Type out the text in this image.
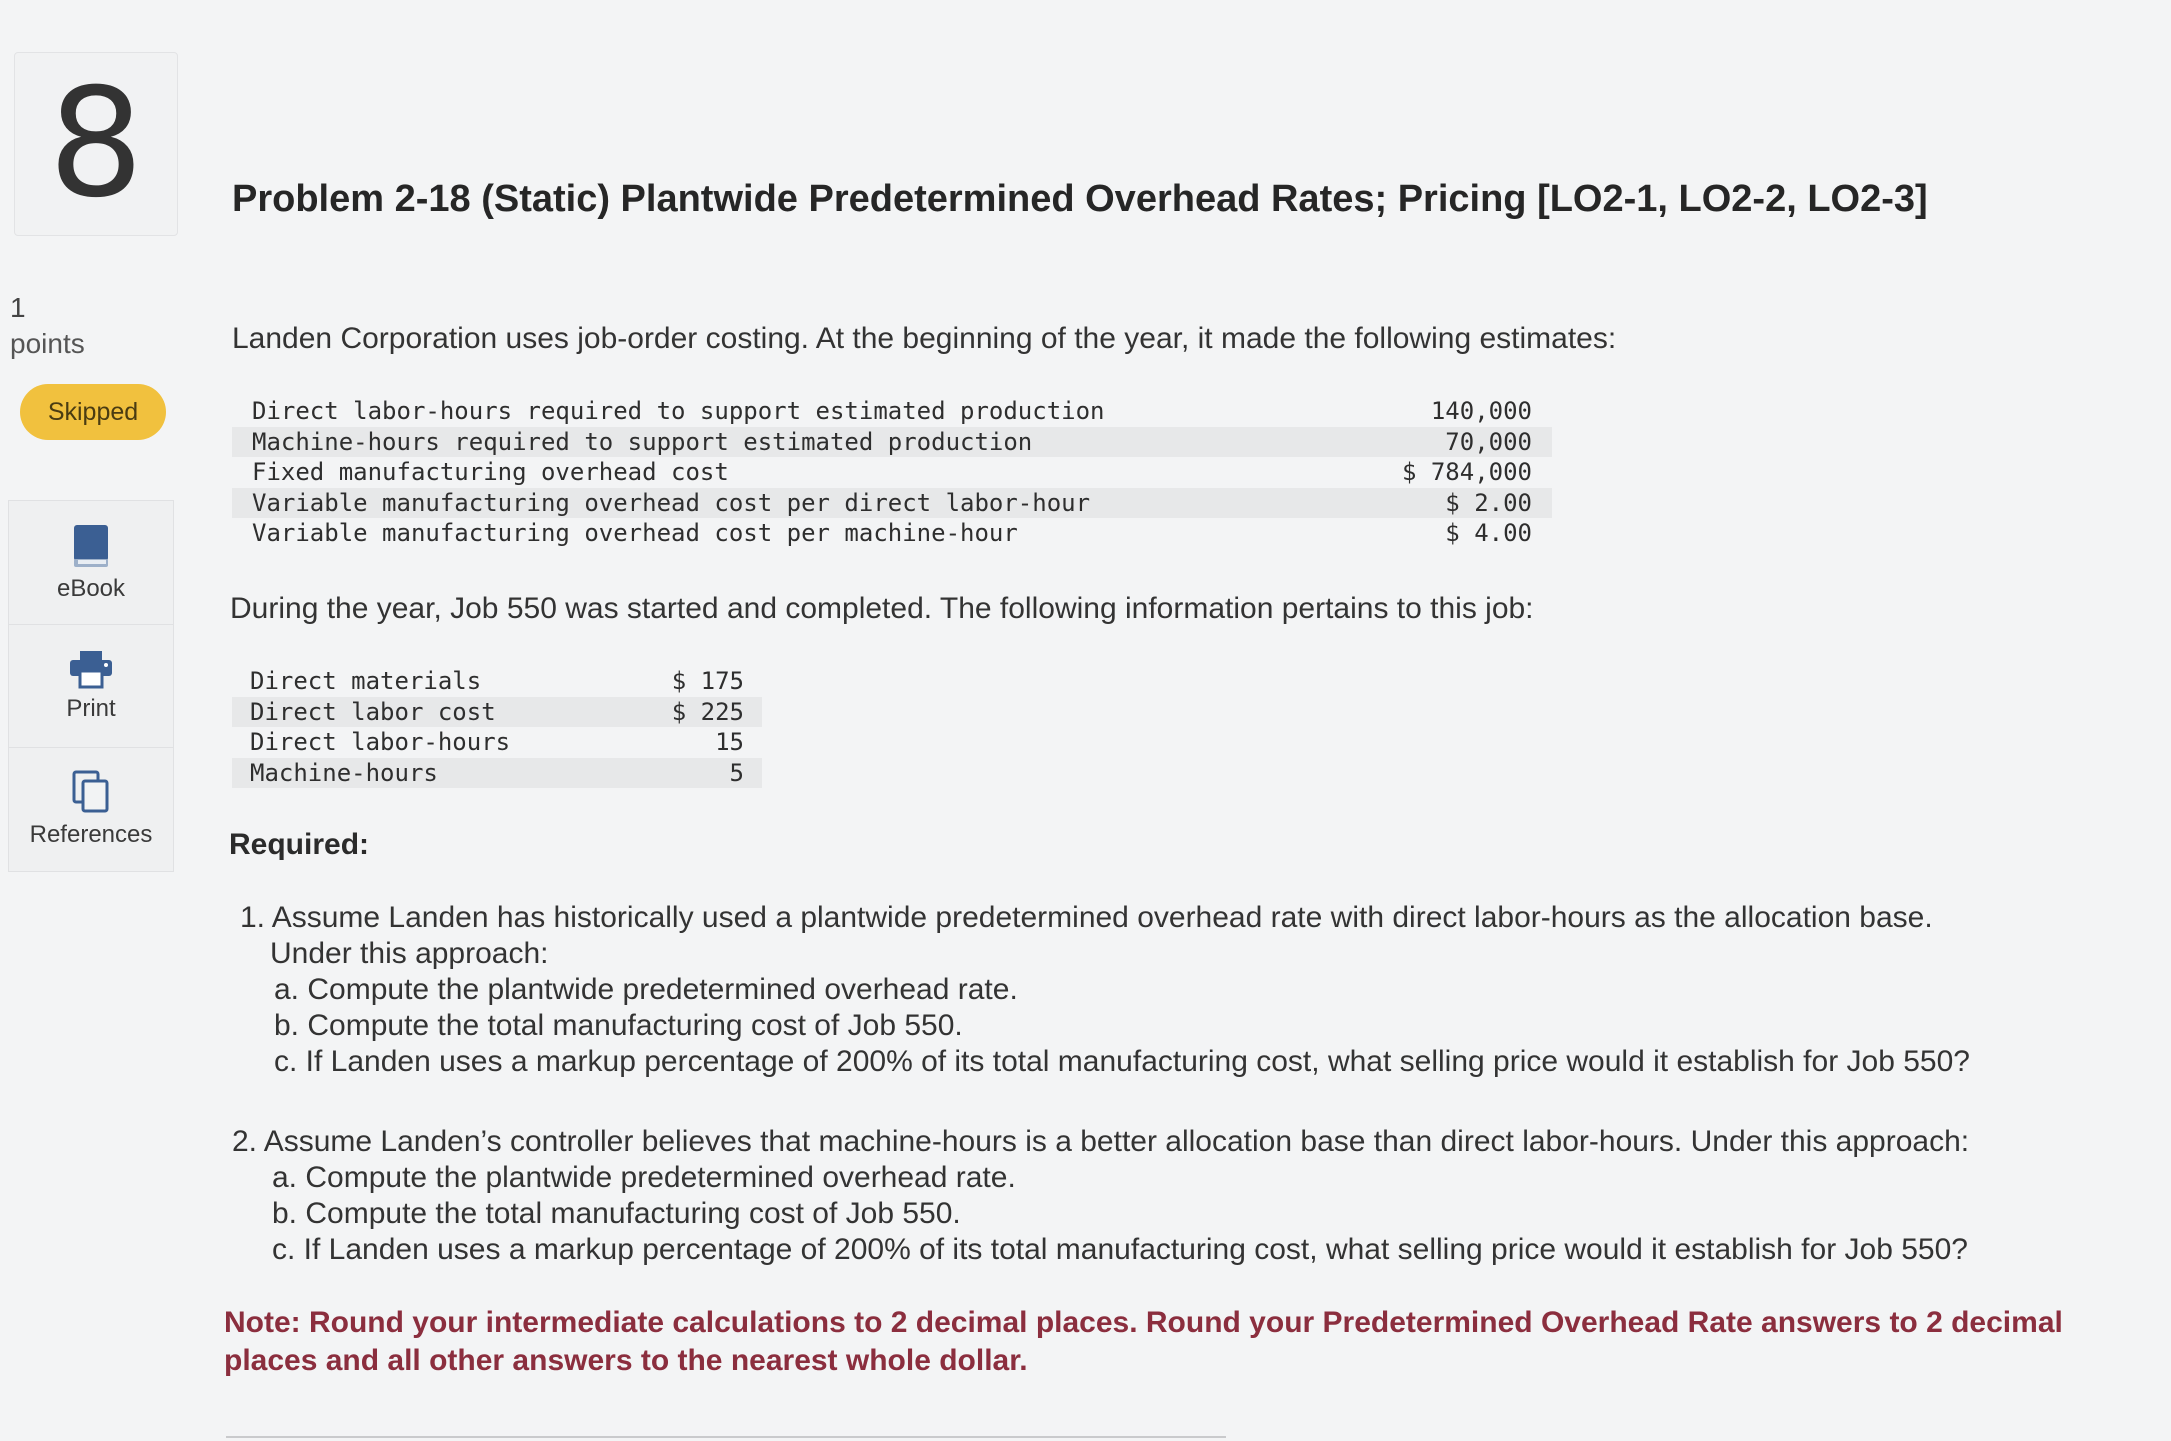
8
1
points
Skipped
eBook
Print
References
Problem 2-18 (Static) Plantwide Predetermined Overhead Rates; Pricing [LO2-1, LO2-2, LO2-3]
Landen Corporation uses job-order costing. At the beginning of the year, it made the following estimates:
Direct labor-hours required to support estimated production	140,000
Machine-hours required to support estimated production	70,000
Fixed manufacturing overhead cost	$ 784,000
Variable manufacturing overhead cost per direct labor-hour	$ 2.00
Variable manufacturing overhead cost per machine-hour	$ 4.00
During the year, Job 550 was started and completed. The following information pertains to this job:
Direct materials	$ 175
Direct labor cost	$ 225
Direct labor-hours	15
Machine-hours	5
Required:
1. Assume Landen has historically used a plantwide predetermined overhead rate with direct labor-hours as the allocation base.
Under this approach:
a. Compute the plantwide predetermined overhead rate.
b. Compute the total manufacturing cost of Job 550.
c. If Landen uses a markup percentage of 200% of its total manufacturing cost, what selling price would it establish for Job 550?
2. Assume Landen’s controller believes that machine-hours is a better allocation base than direct labor-hours. Under this approach:
a. Compute the plantwide predetermined overhead rate.
b. Compute the total manufacturing cost of Job 550.
c. If Landen uses a markup percentage of 200% of its total manufacturing cost, what selling price would it establish for Job 550?
Note: Round your intermediate calculations to 2 decimal places. Round your Predetermined Overhead Rate answers to 2 decimal places and all other answers to the nearest whole dollar.
